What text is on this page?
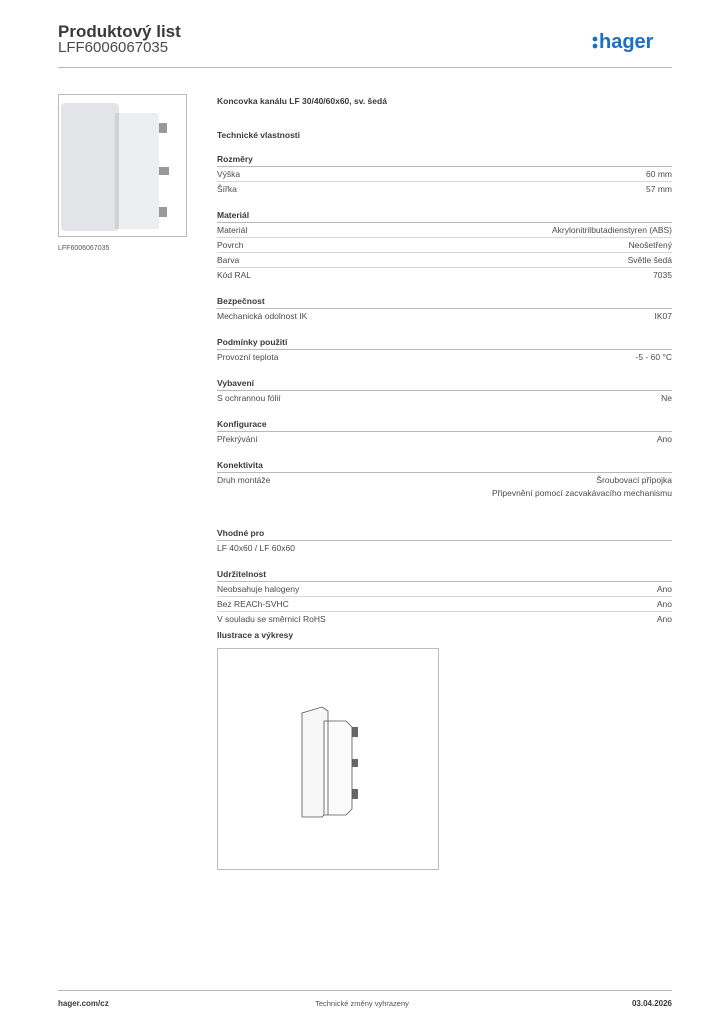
Produktový list
LFF6006067035	hager
LFF6006067035
Koncovka kanálu LF 30/40/60x60, sv. šedá
Technické vlastnosti
Rozměry
Výška	60 mm
Šířka	57 mm
Materiál
Materiál	Akrylonitrilbutadienstyren (ABS)
Povrch	Neošetřený
Barva	Světle šedá
Kód RAL	7035
Bezpečnost
Mechanická odolnost IK	IK07
Podmínky použití
Provozní teplota	-5 - 60 °C
Vybavení
S ochrannou fólií	Ne
Konfigurace
Překrývání	Ano
Konektivita
Druh montáže	Šroubovací přípojka
Připevnění pomocí zacvakávacího mechanismu
Vhodné pro
LF 40x60 / LF 60x60
Udržitelnost
Neobsahuje halogeny	Ano
Bez REACh-SVHC	Ano
V souladu se směrnicí RoHS	Ano
Ilustrace a výkresy
hager.com/cz	Technické změny vyhrazeny	03.04.2026
